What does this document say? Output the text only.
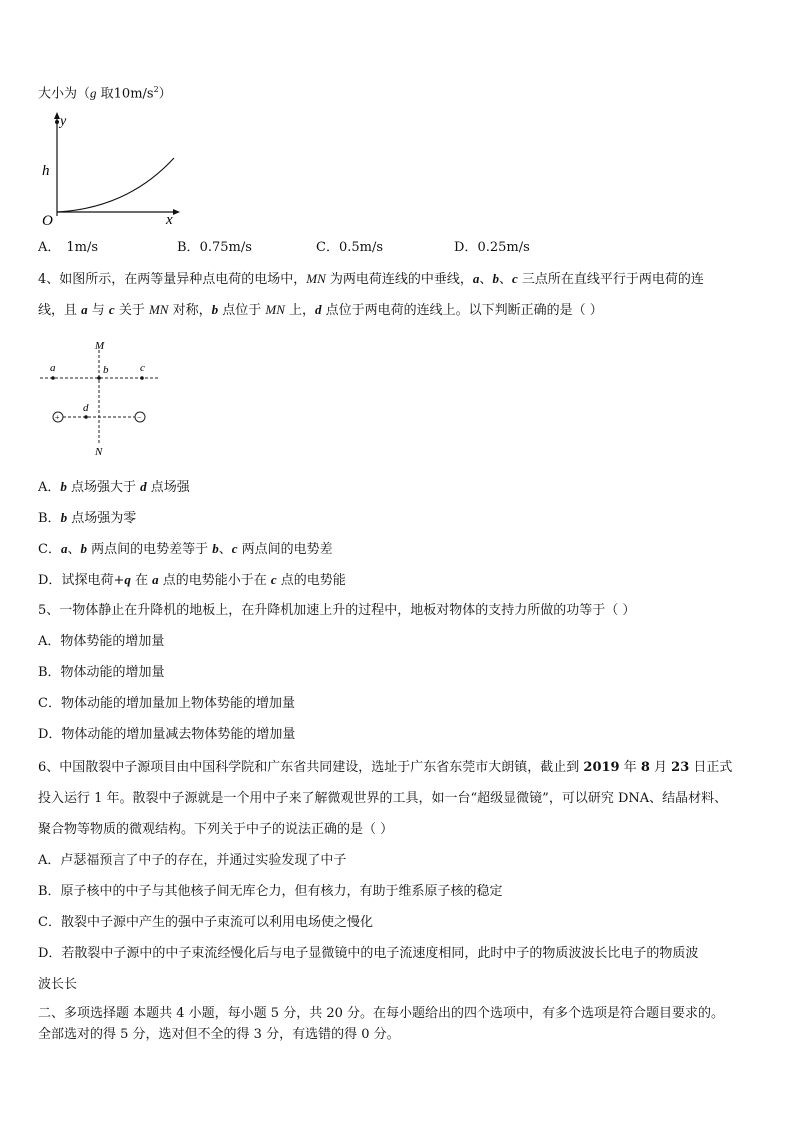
大小为（g 取$10m/s^2$）
y
h
O	x
A． 1m/s	B．0.75m/s	C．0.5m/s	D．0.25m/s
4、如图所示，在两等量异种点电荷的电场中，MN 为两电荷连线的中垂线，a、b、c 三点所在直线平行于两电荷的连
线，且 a 与 c 关于 MN 对称，b 点位于 MN 上，d 点位于两电荷的连线上。以下判断正确的是（ ）
+	−
M
N
a	b	c
d
A．b 点场强大于 d 点场强
B．b 点场强为零
C．a、b 两点间的电势差等于 b、c 两点间的电势差
D．试探电荷+q 在 a 点的电势能小于在 c 点的电势能
5、一物体静止在升降机的地板上，在升降机加速上升的过程中，地板对物体的支持力所做的功等于（ ）
A．物体势能的增加量
B．物体动能的增加量
C．物体动能的增加量加上物体势能的增加量
D．物体动能的增加量减去物体势能的增加量
6、中国散裂中子源项目由中国科学院和广东省共同建设，选址于广东省东莞市大朗镇，截止到 2019 年 8 月 23 日正式
投入运行 1 年。散裂中子源就是一个用中子来了解微观世界的工具，如一台“超级显微镜”，可以研究 DNA、结晶材料、
聚合物等物质的微观结构。下列关于中子的说法正确的是（ ）
A．卢瑟福预言了中子的存在，并通过实验发现了中子
B．原子核中的中子与其他核子间无库仑力，但有核力，有助于维系原子核的稳定
C．散裂中子源中产生的强中子束流可以利用电场使之慢化
D．若散裂中子源中的中子束流经慢化后与电子显微镜中的电子流速度相同，此时中子的物质波波长比电子的物质波
波长长
二、多项选择题 本题共 4 小题，每小题 5 分，共 20 分。在每小题给出的四个选项中，有多个选项是符合题目要求的。
全部选对的得 5 分，选对但不全的得 3 分，有选错的得 0 分。
